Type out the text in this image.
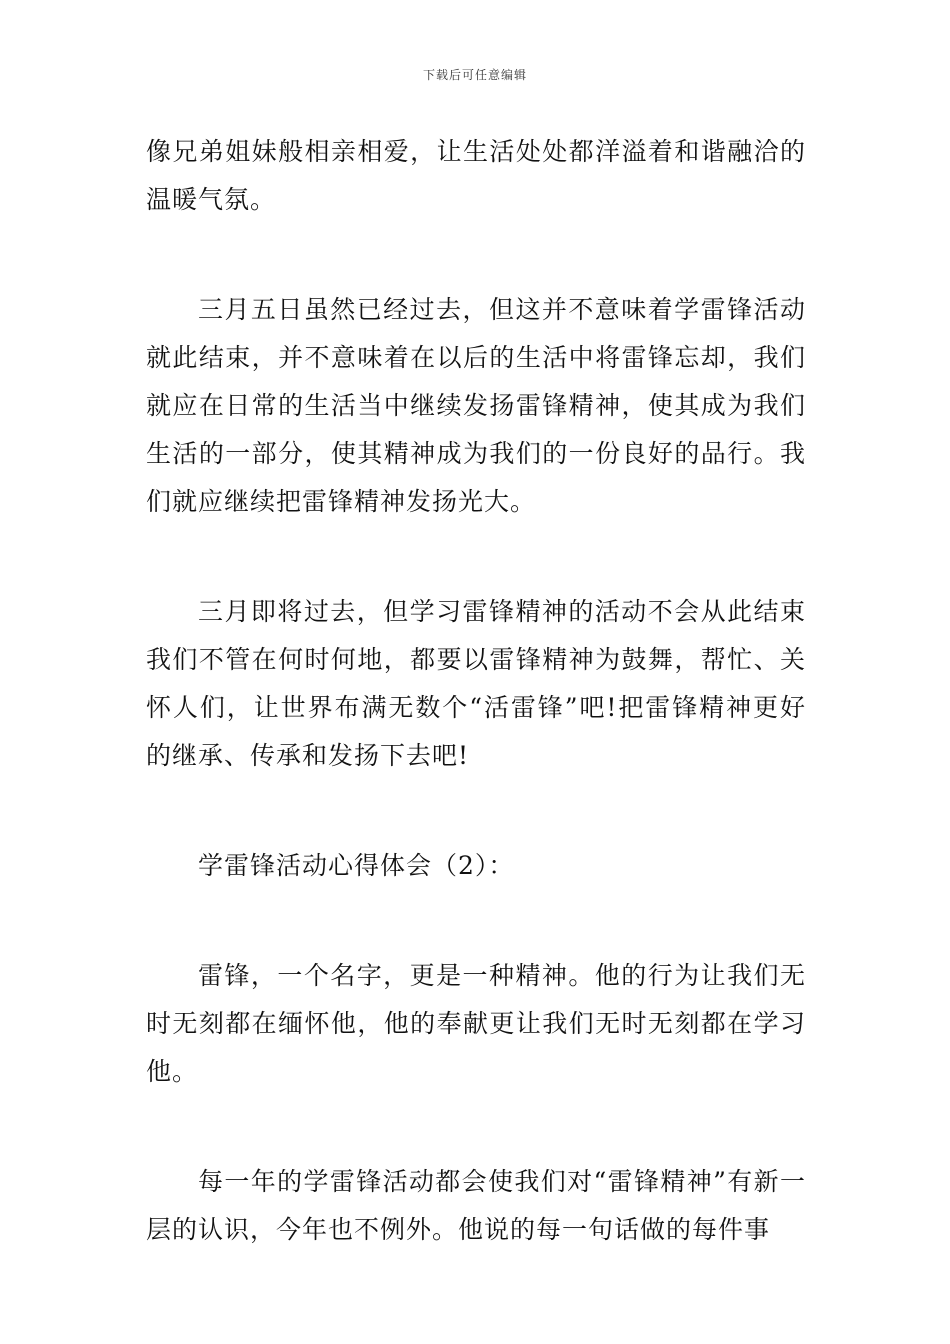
下载后可任意编辑

像兄弟姐妹般相亲相爱，让生活处处都洋溢着和谐融洽的温暖气氛。

三月五日虽然已经过去，但这并不意味着学雷锋活动就此结束，并不意味着在以后的生活中将雷锋忘却，我们就应在日常的生活当中继续发扬雷锋精神，使其成为我们生活的一部分，使其精神成为我们的一份良好的品行。我们就应继续把雷锋精神发扬光大。

三月即将过去，但学习雷锋精神的活动不会从此结束我们不管在何时何地，都要以雷锋精神为鼓舞，帮忙、关怀人们，让世界布满无数个“活雷锋”吧!把雷锋精神更好的继承、传承和发扬下去吧!

学雷锋活动心得体会（2）：

雷锋，一个名字，更是一种精神。他的行为让我们无时无刻都在缅怀他，他的奉献更让我们无时无刻都在学习他。

每一年的学雷锋活动都会使我们对“雷锋精神”有新一层的认识，今年也不例外。他说的每一句话做的每件事
